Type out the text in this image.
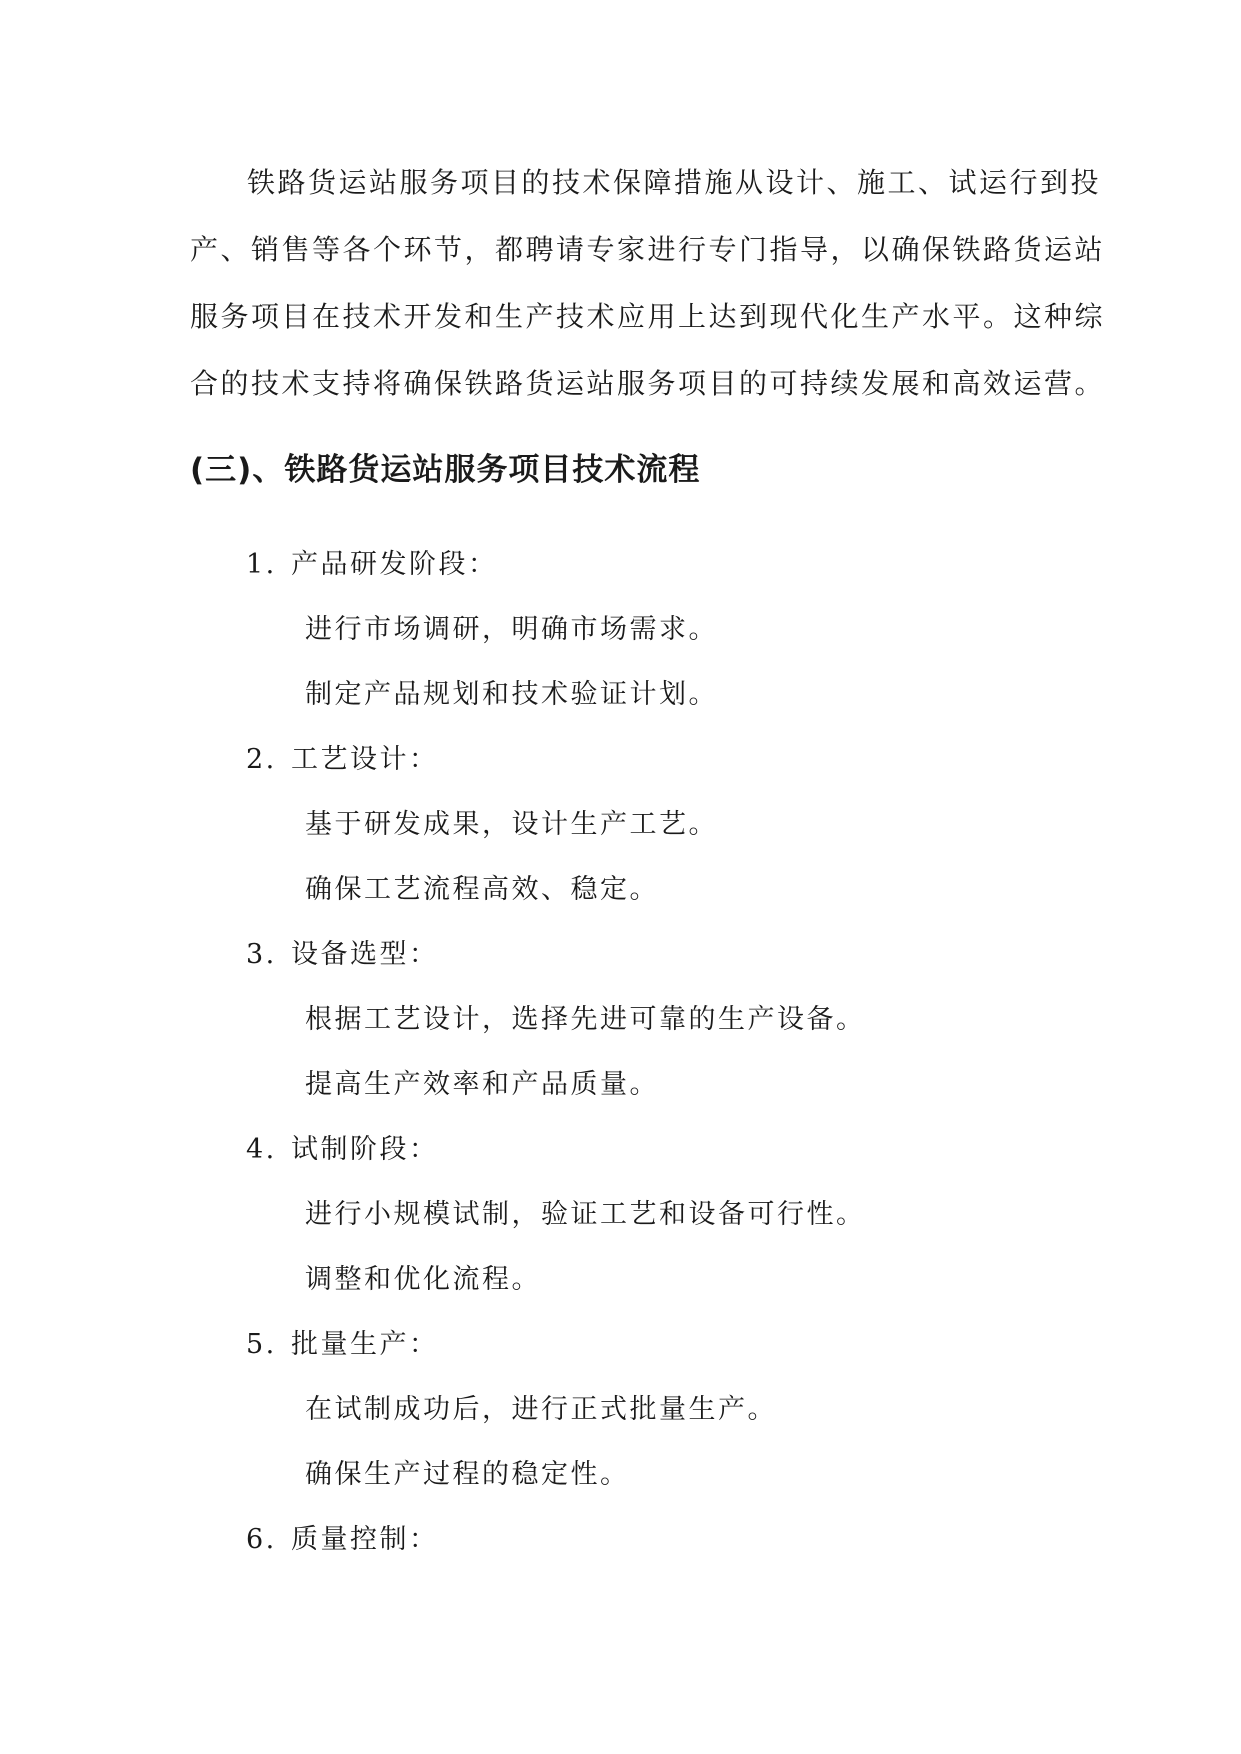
铁路货运站服务项目的技术保障措施从设计、施工、试运行到投
产、销售等各个环节，都聘请专家进行专门指导，以确保铁路货运站
服务项目在技术开发和生产技术应用上达到现代化生产水平。这种综
合的技术支持将确保铁路货运站服务项目的可持续发展和高效运营。
(三)、铁路货运站服务项目技术流程
1. 产品研发阶段：
进行市场调研，明确市场需求。
制定产品规划和技术验证计划。
2. 工艺设计：
基于研发成果，设计生产工艺。
确保工艺流程高效、稳定。
3. 设备选型：
根据工艺设计，选择先进可靠的生产设备。
提高生产效率和产品质量。
4. 试制阶段：
进行小规模试制，验证工艺和设备可行性。
调整和优化流程。
5. 批量生产：
在试制成功后，进行正式批量生产。
确保生产过程的稳定性。
6. 质量控制：
